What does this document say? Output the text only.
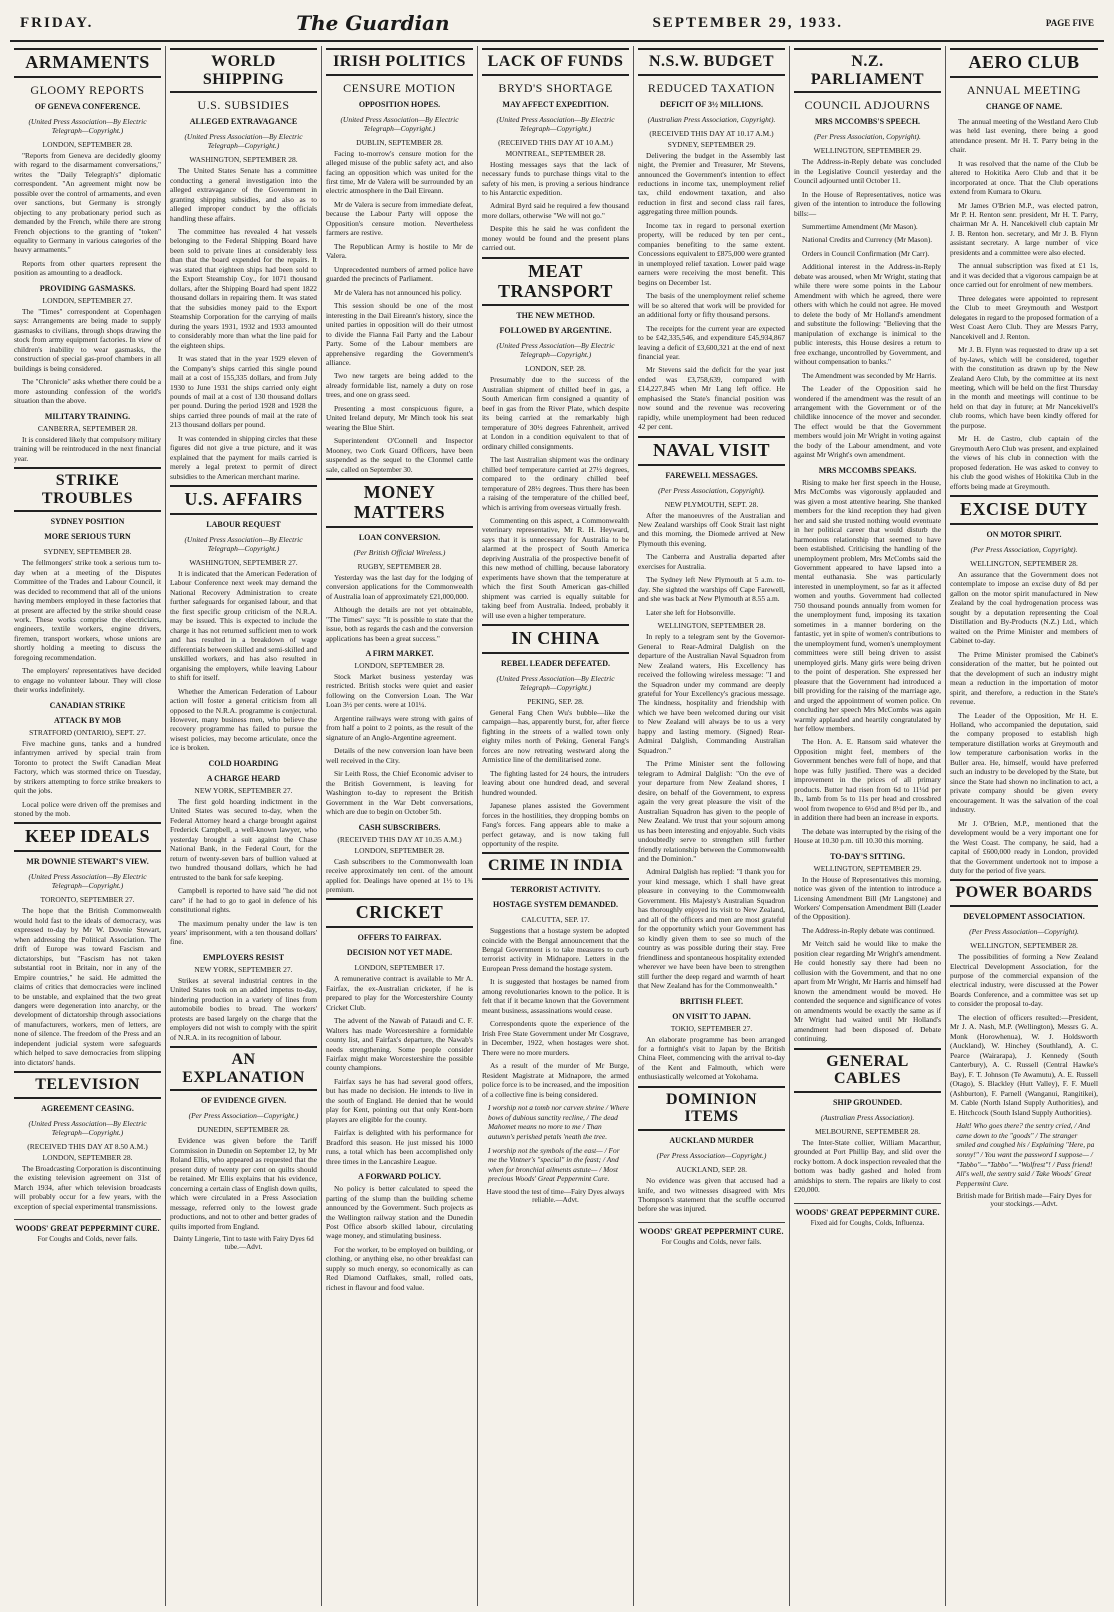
FRIDAY.	The Guardian	SEPTEMBER 29, 1933.	PAGE FIVE
ARMAMENTS
GLOOMY REPORTS
OF GENEVA CONFERENCE.
(United Press Association—By Electric Telegraph—Copyright.)
LONDON, SEPTEMBER 28.

"Reports from Geneva are decidedly gloomy with regard to the disarmament conversations," writes the "Daily Telegraph's" diplomatic correspondent. "An agreement might now be possible over the control of armaments, and even over sanctions, but Germany is strongly objecting to any probationary period such as demanded by the French, while there are strong French objections to the granting of "token" equality to Germany in various categories of the heavy armaments."

Reports from other quarters represent the position as amounting to a deadlock.

PROVIDING GASMASKS.
LONDON, SEPTEMBER 27.

The "Times" correspondent at Copenhagen says: Arrangements are being made to supply gasmasks to civilians, through shops drawing the stock from army equipment factories. In view of children's inability to wear gasmasks, the construction of special gas-proof chambers in all buildings is being considered.

The "Chronicle" asks whether there could be a more astounding confession of the world's situation than the above.

MILITARY TRAINING.
CANBERRA, SEPTEMBER 28.

It is considered likely that compulsory military training will be reintroduced in the next financial year.

STRIKE TROUBLES
SYDNEY POSITION
MORE SERIOUS TURN
SYDNEY, SEPTEMBER 28.

The fellmongers' strike took a serious turn to-day when at a meeting of the Disputes Committee of the Trades and Labour Council, it was decided to recommend that all of the unions having members employed in these factories that at present are affected by the strike should cease work. These works comprise the electricians, engineers, textile workers, engine drivers, firemen, transport workers, whose unions are shortly holding a meeting to discuss the foregoing recommendation.

The employers' representatives have decided to engage no volunteer labour. They will close their works indefinitely.

CANADIAN STRIKE
ATTACK BY MOB
STRATFORD (ONTARIO), SEPT. 27.

Five machine guns, tanks and a hundred infantrymen arrived by special train from Toronto to protect the Swift Canadian Meat Factory, which was stormed thrice on Tuesday, by strikers attempting to force strike breakers to quit the jobs.

Local police were driven off the premises and stoned by the mob.

KEEP IDEALS
MR DOWNIE STEWART'S VIEW.
(United Press Association—By Electric Telegraph—Copyright.)
TORONTO, SEPTEMBER 27.

The hope that the British Commonwealth would hold fast to the ideals of democracy, was expressed to-day by Mr W. Downie Stewart, when addressing the Political Association. The drift of Europe was toward Fascism and dictatorships, but "Fascism has not taken substantial root in Britain, nor in any of the Empire countries," he said. He admitted the claims of critics that democracies were inclined to be unstable, and explained that the two great dangers were degeneration into anarchy, or the development of dictatorship through associations of manufacturers, workers, men of letters, are none of silence. The freedom of the Press and an independent judicial system were safeguards which helped to save democracies from slipping into dictators' hands.

TELEVISION
AGREEMENT CEASING.
(United Press Association—By Electric Telegraph—Copyright.)
(RECEIVED THIS DAY AT 8.50 A.M.)
LONDON, SEPTEMBER 28.

The Broadcasting Corporation is discontinuing the existing television agreement on 31st of March 1934, after which television broadcasts will probably occur for a few years, with the exception of special experimental transmissions.

WOODS' GREAT PEPPERMINT CURE.
For Coughs and Colds, never fails.
WORLD SHIPPING
U.S. SUBSIDIES
ALLEGED EXTRAVAGANCE
(United Press Association—By Electric Telegraph—Copyright.)
WASHINGTON, SEPTEMBER 28.

The United States Senate has a committee conducting a general investigation into the alleged extravagance of the Government in granting shipping subsidies, and also as to alleged improper conduct by the officials handling these affairs.

The committee has revealed 4 hat vessels belonging to the Federal Shipping Board have been sold to private lines at considerably less than that the board expended for the repairs. It was stated that eighteen ships had been sold to the Export Steamship Coy., for 1071 thousand dollars, after the Shipping Board had spent 1822 thousand dollars in repairing them. It was stated that the subsidies money paid to the Export Steamship Corporation for the carrying of mails during the years 1931, 1932 and 1933 amounted to considerably more than what the line paid for the eighteen ships.

It was stated that in the year 1929 eleven of the Company's ships carried this single pound mail at a cost of 155,335 dollars, and from July 1930 to June 1931 the ships carried only eight pounds of mail at a cost of 130 thousand dollars per pound. During the period 1928 and 1928 the ships carried three pounds of mail at the rate of 213 thousand dollars per pound.

It was contended in shipping circles that these figures did not give a true picture, and it was explained that the payment for mails carried is merely a legal pretext to permit of direct subsidies to the American merchant marine.

U.S. AFFAIRS
LABOUR REQUEST
(United Press Association—By Electric Telegraph—Copyright.)
WASHINGTON, SEPTEMBER 27.

It is indicated that the American Federation of Labour Conference next week may demand the National Recovery Administration to create further safeguards for organised labour, and that the first specific group criticism of the N.R.A. may be issued. This is expected to include the charge it has not returned sufficient men to work and has resulted in a breakdown of wage differentials between skilled and semi-skilled and unskilled workers, and has also resulted in organising the employers, while leaving Labour to shift for itself.

Whether the American Federation of Labour action will foster a general criticism from all opposed to the N.R.A. programme is conjectural. However, many business men, who believe the recovery programme has failed to pursue the wisest policies, may become articulate, once the ice is broken.

COLD HOARDING
A CHARGE HEARD
NEW YORK, SEPTEMBER 27.

The first gold hoarding indictment in the United States was secured to-day, when the Federal Attorney heard a charge brought against Frederick Campbell, a well-known lawyer, who yesterday brought a suit against the Chase National Bank, in the Federal Court, for the return of twenty-seven bars of bullion valued at two hundred thousand dollars, which he had entrusted to the bank for safe keeping.

Campbell is reported to have said "he did not care" if he had to go to gaol in defence of his constitutional rights.

The maximum penalty under the law is ten years' imprisonment, with a ten thousand dollars' fine.

EMPLOYERS RESIST
NEW YORK, SEPTEMBER 27.

Strikes at several industrial centres in the United States took on an added impetus to-day, hindering production in a variety of lines from automobile bodies to bread. The workers' protests are based largely on the charge that the employers did not wish to comply with the spirit of N.R.A. in its recognition of labour.

AN EXPLANATION
OF EVIDENCE GIVEN.
(Per Press Association—Copyright.)
DUNEDIN, SEPTEMBER 28.

Evidence was given before the Tariff Commission in Dunedin on September 12, by Mr Roland Ellis, who appeared as requested that the present duty of twenty per cent on quilts should be retained. Mr Ellis explains that his evidence, concerning a certain class of English down quilts, which were circulated in a Press Association message, referred only to the lowest grade productions, and not to other and better grades of quilts imported from England.

Dainty Lingerie, Tint to taste with Fairy Dyes 6d tube.—Advt.
IRISH POLITICS
CENSURE MOTION
OPPOSITION HOPES.
(United Press Association—By Electric Telegraph—Copyright.)
DUBLIN, SEPTEMBER 28.

Facing to-morrow's censure motion for the alleged misuse of the public safety act, and also facing an opposition which was united for the first time, Mr de Valera will be surrounded by an electric atmosphere in the Dail Eireann.

Mr de Valera is secure from immediate defeat, because the Labour Party will oppose the Opposition's censure motion. Nevertheless farmers are restive.

The Republican Army is hostile to Mr de Valera.

Unprecedented numbers of armed police have guarded the precincts of Parliament.

Mr de Valera has not announced his policy.

This session should be one of the most interesting in the Dail Eireann's history, since the united parties in opposition will do their utmost to divide the Fianna Fail Party and the Labour Party. Some of the Labour members are apprehensive regarding the Government's alliance.

Two new targets are being added to the already formidable list, namely a duty on rose trees, and one on grass seed.

Presenting a most conspicuous figure, a United Ireland deputy, Mr Minch took his seat wearing the Blue Shirt.

Superintendent O'Connell and Inspector Mooney, two Cork Guard Officers, have been suspended as the sequel to the Clonmel cattle sale, called on September 30.

MONEY MATTERS
LOAN CONVERSION.
(Per British Official Wireless.)
RUGBY, SEPTEMBER 28.

Yesterday was the last day for the lodging of conversion applications for the Commonwealth of Australia loan of approximately £21,000,000.

Although the details are not yet obtainable, "The Times" says: "It is possible to state that the issue, both as regards the cash and the conversion applications has been a great success."

A FIRM MARKET.
LONDON, SEPTEMBER 28.

Stock Market business yesterday was restricted. British stocks were quiet and easier following on the Conversion Loan. The War Loan 3½ per cents. were at 101¼.

Argentine railways were strong with gains of from half a point to 2 points, as the result of the signature of an Anglo-Argentine agreement.

Details of the new conversion loan have been well received in the City.

Sir Leith Ross, the Chief Economic adviser to the British Government, is leaving for Washington to-day to represent the British Government in the War Debt conversations, which are due to begin on October 5th.

CASH SUBSCRIBERS.
(RECEIVED THIS DAY AT 10.35 A.M.)
LONDON, SEPTEMBER 28.

Cash subscribers to the Commonwealth loan receive approximately ten cent. of the amount applied for. Dealings have opened at 1½ to 1¾ premium.

CRICKET
OFFERS TO FAIRFAX.
DECISION NOT YET MADE.
LONDON, SEPTEMBER 17.

A remunerative contract is available to Mr A. Fairfax, the ex-Australian cricketer, if he is prepared to play for the Worcestershire County Cricket Club.

The advent of the Nawab of Pataudi and C. F. Walters has made Worcestershire a formidable county list, and Fairfax's departure, the Nawab's needs strengthening. Some people consider Fairfax might make Worcestershire the possible county champions.

Fairfax says he has had several good offers, but has made no decision. He intends to live in the south of England. He denied that he would play for Kent, pointing out that only Kent-born players are eligible for the county.

Fairfax is delighted with his performance for Bradford this season. He just missed his 1000 runs, a total which has been accomplished only three times in the Lancashire League.

A FORWARD POLICY.

No policy is better calculated to speed the parting of the slump than the building scheme announced by the Government. Such projects as the Wellington railway station and the Dunedin Post Office absorb skilled labour, circulating wage money, and stimulating business.

For the worker, to be employed on building, or clothing, or anything else, no other breakfast can supply so much energy, so economically as can Red Diamond Oatflakes, small, rolled oats, richest in flavour and food value.

LACK OF FUNDS
BRYD'S SHORTAGE
MAY AFFECT EXPEDITION.
(United Press Association—By Electric Telegraph—Copyright.)
(RECEIVED THIS DAY AT 10 A.M.)
MONTREAL, SEPTEMBER 28.

Hosting messages says that the lack of necessary funds to purchase things vital to the safety of his men, is proving a serious hindrance to his Antarctic expedition.

Admiral Byrd said he required a few thousand more dollars, otherwise "We will not go."

Despite this he said he was confident the money would be found and the present plans carried out.

MEAT TRANSPORT
THE NEW METHOD.
FOLLOWED BY ARGENTINE.
(United Press Association—By Electric Telegraph—Copyright.)
LONDON, SEP. 28.

Presumably due to the success of the Australian shipment of chilled beef in gas, a South American firm consigned a quantity of beef in gas from the River Plate, which despite its being carried at the remarkably high temperature of 30½ degrees Fahrenheit, arrived at London in a condition equivalent to that of ordinary chilled consignments.

The last Australian shipment was the ordinary chilled beef temperature carried at 27½ degrees, compared to the ordinary chilled beef temperature of 28½ degrees. Thus there has been a raising of the temperature of the chilled beef, which is arriving from overseas virtually fresh.

Commenting on this aspect, a Commonwealth veterinary representative, Mr R. H. Heyward, says that it is unnecessary for Australia to be alarmed at the prospect of South America depriving Australia of the prospective benefit of this new method of chilling, because laboratory experiments have shown that the temperature at which the first South American gas-chilled shipment was carried is equally suitable for taking beef from Australia. Indeed, probably it will use even a higher temperature.

IN CHINA
REBEL LEADER DEFEATED.
(United Press Association—By Electric Telegraph—Copyright.)
PEKING, SEP. 28.

General Fang Chen Wu's bubble—like the campaign—has, apparently burst, for, after fierce fighting in the streets of a walled town only eighty miles north of Peking, General Fang's forces are now retreating westward along the Armistice line of the demilitarised zone.

The fighting lasted for 24 hours, the intruders leaving about one hundred dead, and several hundred wounded.

Japanese planes assisted the Government forces in the hostilities, they dropping bombs on Fang's forces. Fang appears able to make a perfect getaway, and is now taking full opportunity of the respite.

CRIME IN INDIA
TERRORIST ACTIVITY.
HOSTAGE SYSTEM DEMANDED.
CALCUTTA, SEP. 17.

Suggestions that a hostage system be adopted coincide with the Bengal announcement that the Bengal Government is to take measures to curb terrorist activity in Midnapore. Letters in the European Press demand the hostage system.

It is suggested that hostages be named from among revolutionaries known to the police. It is felt that if it became known that the Government meant business, assassinations would cease.

Correspondents quote the experience of the Irish Free State Government under Mr Cosgrave, in December, 1922, when hostages were shot. There were no more murders.

As a result of the murder of Mr Burge, Resident Magistrate at Midnapore, the armed police force is to be increased, and the imposition of a collective fine is being considered.

I worship not a tomb nor carven shrine / Where bows of dubious sanctity recline, / The dead Mahomet means no more to me / Than autumn's perished petals 'neath the tree.
I worship not the symbols of the east— / For me the Vintner's "special" in the feast; / And when for bronchial ailments astute— / Most precious Woods' Great Peppermint Cure.
Have stood the test of time—Fairy Dyes always reliable.—Advt.
N.S.W. BUDGET
REDUCED TAXATION
DEFICIT OF 3½ MILLIONS.
(Australian Press Association, Copyright).
(RECEIVED THIS DAY AT 10.17 A.M.)
SYDNEY, SEPTEMBER 29.

Delivering the budget in the Assembly last night, the Premier and Treasurer, Mr Stevens, announced the Government's intention to effect reductions in income tax, unemployment relief tax, child endowment taxation, and also reduction in first and second class rail fares, aggregating three million pounds.

Income tax in regard to personal exertion property, will be reduced by ten per cent., companies benefiting to the same extent. Concessions equivalent to £875,000 were granted in unemployed relief taxation. Lower paid wage earners were receiving the most benefit. This begins on December 1st.

The basis of the unemployment relief scheme will be so altered that work will be provided for an additional forty or fifty thousand persons.

The receipts for the current year are expected to be £42,335,546, and expenditure £45,934,867 leaving a deficit of £3,600,321 at the end of next financial year.

Mr Stevens said the deficit for the year just ended was £3,758,639, compared with £14,227,845 when Mr Lang left office. He emphasised the State's financial position was now sound and the revenue was recovering rapidly, while unemployment had been reduced 42 per cent.

NAVAL VISIT
FAREWELL MESSAGES.
(Per Press Association, Copyright).
NEW PLYMOUTH, SEPT. 28.

After the manoeuvres of the Australian and New Zealand warships off Cook Strait last night and this morning, the Diomede arrived at New Plymouth this evening.

The Canberra and Australia departed after exercises for Australia.

The Sydney left New Plymouth at 5 a.m. to-day. She sighted the warships off Cape Farewell, and she was back at New Plymouth at 8.55 a.m.

Later she left for Hobsonville.

WELLINGTON, SEPTEMBER 28.

In reply to a telegram sent by the Governor-General to Rear-Admiral Dalglish on the departure of the Australian Naval Squadron from New Zealand waters, His Excellency has received the following wireless message: "I and the Squadron under my command are deeply grateful for Your Excellency's gracious message. The kindness, hospitality and friendship with which we have been welcomed during our visit to New Zealand will always be to us a very happy and lasting memory. (Signed) Rear-Admiral Dalglish, Commanding Australian Squadron."

The Prime Minister sent the following telegram to Admiral Dalglish: "On the eve of your departure from New Zealand shores, I desire, on behalf of the Government, to express again the very great pleasure the visit of the Australian Squadron has given to the people of New Zealand. We trust that your sojourn among us has been interesting and enjoyable. Such visits undoubtedly serve to strengthen still further friendly relationship between the Commonwealth and the Dominion."

Admiral Dalglish has replied: "I thank you for your kind message, which I shall have great pleasure in conveying to the Commonwealth Government. His Majesty's Australian Squadron has thoroughly enjoyed its visit to New Zealand, and all of the officers and men are most grateful for the opportunity which your Government has so kindly given them to see so much of the country as was possible during their stay. Free friendliness and spontaneous hospitality extended wherever we have been have been to strengthen still further the deep regard and warmth of heart that New Zealand has for the Commonwealth."

BRITISH FLEET.
ON VISIT TO JAPAN.
TOKIO, SEPTEMBER 27.

An elaborate programme has been arranged for a fortnight's visit to Japan by the British China Fleet, commencing with the arrival to-day of the Kent and Falmouth, which were enthusiastically welcomed at Yokohama.

DOMINION ITEMS
AUCKLAND MURDER
(Per Press Association—Copyright.)
AUCKLAND, SEP. 28.

No evidence was given that accused had a knife, and two witnesses disagreed with Mrs Thompson's statement that the scuffle occurred before she was injured.

WOODS' GREAT PEPPERMINT CURE.
For Coughs and Colds, never fails.
N.Z. PARLIAMENT
COUNCIL ADJOURNS
MRS MCCOMBS'S SPEECH.
(Per Press Association, Copyright).
WELLINGTON, SEPTEMBER 29.

The Address-in-Reply debate was concluded in the Legislative Council yesterday and the Council adjourned until October 11.

In the House of Representatives, notice was given of the intention to introduce the following bills:—

Summertime Amendment (Mr Mason).

National Credits and Currency (Mr Mason).

Orders in Council Confirmation (Mr Carr).

Additional interest in the Address-in-Reply debate was aroused, when Mr Wright, stating that while there were some points in the Labour Amendment with which he agreed, there were others with which he could not agree. He moved to delete the body of Mr Holland's amendment and substitute the following: "Believing that the manipulation of exchange is inimical to the public interests, this House desires a return to free exchange, uncontrolled by Government, and without compensation to banks."

The Amendment was seconded by Mr Harris.

The Leader of the Opposition said he wondered if the amendment was the result of an arrangement with the Government or of the childlike innocence of the mover and seconder. The effect would be that the Government members would join Mr Wright in voting against the body of the Labour amendment, and vote against Mr Wright's own amendment.

MRS MCCOMBS SPEAKS.

Rising to make her first speech in the House, Mrs McCombs was vigorously applauded and was given a most attentive hearing. She thanked members for the kind reception they had given her and said she trusted nothing would eventuate in her political career that would disturb the harmonious relationship that seemed to have been established. Criticising the handling of the unemployment problem, Mrs McCombs said the Government appeared to have lapsed into a mental euthanasia. She was particularly interested in unemployment, so far as it affected women and youths. Government had collected 750 thousand pounds annually from women for the unemployment fund, imposing its taxation sometimes in a manner bordering on the fantastic, yet in spite of women's contributions to the unemployment fund, women's unemployment committees were still being driven to assist unemployed girls. Many girls were being driven to the point of desperation. She expressed her pleasure that the Government had introduced a bill providing for the raising of the marriage age, and urged the appointment of women police. On concluding her speech Mrs McCombs was again warmly applauded and heartily congratulated by her fellow members.

The Hon. A. E. Ransom said whatever the Opposition might feel, members of the Government benches were full of hope, and that hope was fully justified. There was a decided improvement in the prices of all primary products. Butter had risen from 6d to 11¼d per lb., lamb from 5s to 11s per head and crossbred wool from twopence to 6½d and 8½d per lb., and in addition there had been an increase in exports.

The debate was interrupted by the rising of the House at 10.30 p.m. till 10.30 this morning.

TO-DAY'S SITTING.
WELLINGTON, SEPTEMBER 29.

In the House of Representatives this morning, notice was given of the intention to introduce a Licensing Amendment Bill (Mr Langstone) and Workers' Compensation Amendment Bill (Leader of the Opposition).

The Address-in-Reply debate was continued.

Mr Veitch said he would like to make the position clear regarding Mr Wright's amendment. He could honestly say there had been no collusion with the Government, and that no one apart from Mr Wright, Mr Harris and himself had known the amendment would be moved. He contended the sequence and significance of votes on amendments would be exactly the same as if Mr Wright had waited until Mr Holland's amendment had been disposed of. Debate continuing.

GENERAL CABLES
SHIP GROUNDED.
(Australian Press Association).
MELBOURNE, SEPTEMBER 28.

The Inter-State collier, William Macarthur, grounded at Port Phillip Bay, and slid over the rocky bottom. A dock inspection revealed that the bottom was badly gashed and holed from amidships to stern. The repairs are likely to cost £20,000.

WOODS' GREAT PEPPERMINT CURE.
Fixed aid for Coughs, Colds, Influenza.
AERO CLUB
ANNUAL MEETING
CHANGE OF NAME.

The annual meeting of the Westland Aero Club was held last evening, there being a good attendance present. Mr H. T. Parry being in the chair.

It was resolved that the name of the Club be altered to Hokitika Aero Club and that it be incorporated at once. That the Club operations extend from Kumara to Okuru.

Mr James O'Brien M.P., was elected patron, Mr P. H. Renton senr. president, Mr H. T. Parry, chairman Mr A. H. Nancekivell club captain Mr J. B. Renton hon. secretary, and Mr J. B. Flynn assistant secretary. A large number of vice presidents and a committee were also elected.

The annual subscription was fixed at £1 1s, and it was decided that a vigorous campaign be at once carried out for enrolment of new members.

Three delegates were appointed to represent the Club to meet Greymouth and Westport delegates in regard to the proposed formation of a West Coast Aero Club. They are Messrs Parry, Nancekivell and J. Renton.

Mr J. B. Flynn was requested to draw up a set of by-laws, which will be considered, together with the constitution as drawn up by the New Zealand Aero Club, by the committee at its next meeting, which will be held on the first Thursday in the month and meetings will continue to be held on that day in future; at Mr Nancekivell's club rooms, which have been kindly offered for the purpose.

Mr H. de Castro, club captain of the Greymouth Aero Club was present, and explained the views of his club in connection with the proposed federation. He was asked to convey to his club the good wishes of Hokitika Club in the efforts being made at Greymouth.

EXCISE DUTY
ON MOTOR SPIRIT.
(Per Press Association, Copyright).
WELLINGTON, SEPTEMBER 28.

An assurance that the Government does not contemplate to impose an excise duty of 8d per gallon on the motor spirit manufactured in New Zealand by the coal hydrogenation process was sought by a deputation representing the Coal Distillation and By-Products (N.Z.) Ltd., which waited on the Prime Minister and members of Cabinet to-day.

The Prime Minister promised the Cabinet's consideration of the matter, but he pointed out that the development of such an industry might mean a reduction in the importation of motor spirit, and therefore, a reduction in the State's revenue.

The Leader of the Opposition, Mr H. E. Holland, who accompanied the deputation, said the company proposed to establish high temperature distillation works at Greymouth and low temperature carbonisation works in the Buller area. He, himself, would have preferred such an industry to be developed by the State, but since the State had shown no inclination to act, a private company should be given every encouragement. It was the salvation of the coal industry.

Mr J. O'Brien, M.P., mentioned that the development would be a very important one for the West Coast. The company, he said, had a capital of £600,000 ready in London, provided that the Government undertook not to impose a duty for the period of five years.

POWER BOARDS
DEVELOPMENT ASSOCIATION.
(Per Press Association—Copyright).
WELLINGTON, SEPTEMBER 28.

The possibilities of forming a New Zealand Electrical Development Association, for the purpose of the commercial expansion of the electrical industry, were discussed at the Power Boards Conference, and a committee was set up to consider the proposal to-day.

The election of officers resulted:—President, Mr J. A. Nash, M.P. (Wellington), Messrs G. A. Monk (Horowhenua), W. J. Holdsworth (Auckland), W. Hinchey (Southland), A. C. Pearce (Wairarapa), J. Kennedy (South Canterbury), A. C. Russell (Central Hawke's Bay), F. T. Johnson (Te Awamutu), A. E. Russell (Otago), S. Blackley (Hutt Valley), F. F. Muell (Ashburton), F. Parnell (Wanganui, Rangitikei), M. Cable (North Island Supply Authorities), and E. Hitchcock (South Island Supply Authorities).

Halt! Who goes there? the sentry cried, / And came down to the "goods" / The stranger smiled and coughed his / Explaining "Here, pa sonny!" / You want the password I suppose— / "Tabbo"—"Tabbo"—"Wolfrest"! / Pass friend! All's well, the sentry said / Take Woods' Great Peppermint Cure.
British made for British made—Fairy Dyes for your stockings.—Advt.
